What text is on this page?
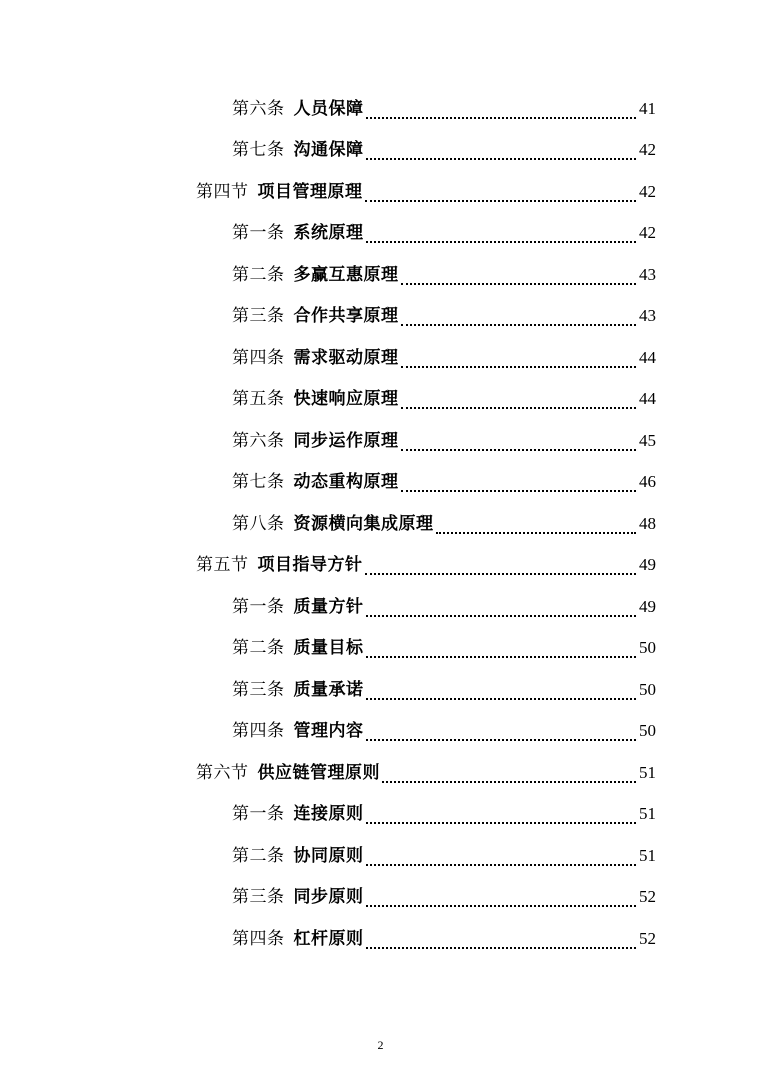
第六条 人员保障	41
第七条 沟通保障	42
第四节 项目管理原理	42
第一条 系统原理	42
第二条 多赢互惠原理	43
第三条 合作共享原理	43
第四条 需求驱动原理	44
第五条 快速响应原理	44
第六条 同步运作原理	45
第七条 动态重构原理	46
第八条 资源横向集成原理	48
第五节 项目指导方针	49
第一条 质量方针	49
第二条 质量目标	50
第三条 质量承诺	50
第四条 管理内容	50
第六节 供应链管理原则	51
第一条 连接原则	51
第二条 协同原则	51
第三条 同步原则	52
第四条 杠杆原则	52
2
